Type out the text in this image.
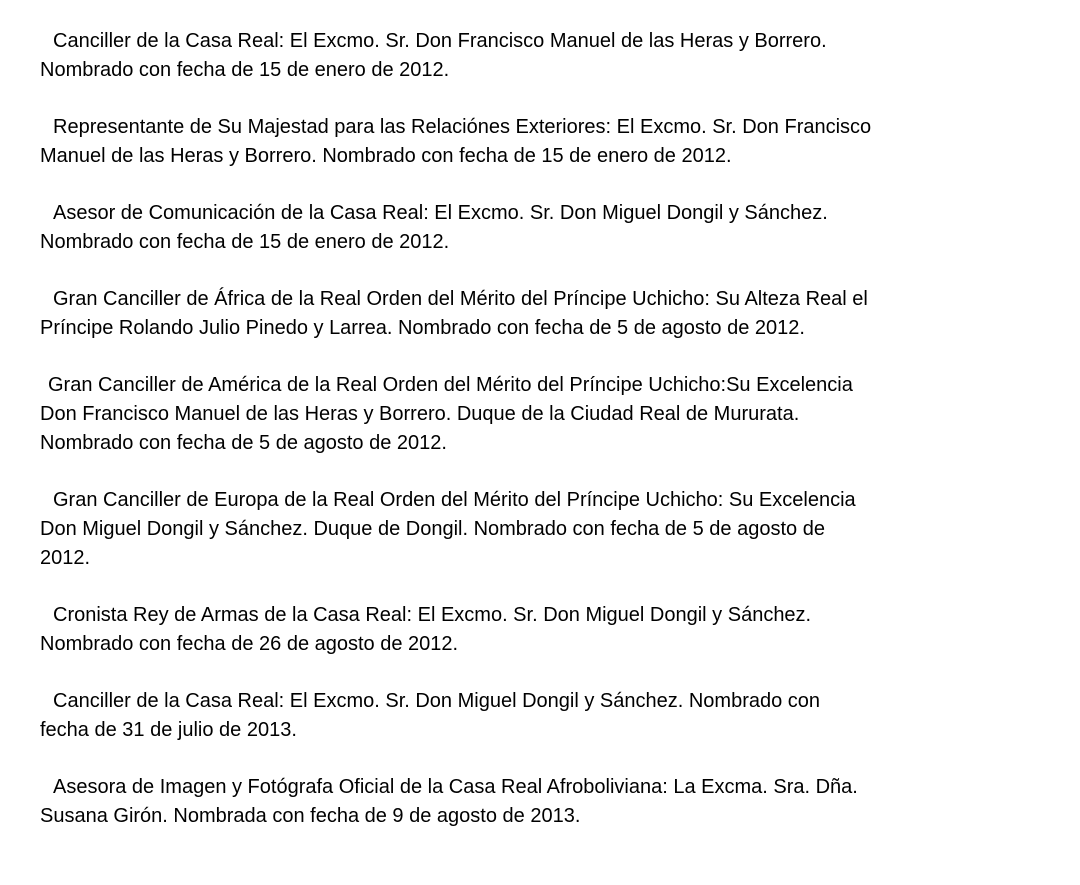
Canciller de la Casa Real: El Excmo. Sr. Don Francisco Manuel de las Heras y Borrero.
Nombrado con fecha de 15 de enero de 2012.

Representante de Su Majestad para las Relaciónes Exteriores: El Excmo. Sr. Don Francisco
Manuel de las Heras y Borrero. Nombrado con fecha de 15 de enero de 2012.

Asesor de Comunicación de la Casa Real: El Excmo. Sr. Don Miguel Dongil y Sánchez.
Nombrado con fecha de 15 de enero de 2012.

Gran Canciller de África de la Real Orden del Mérito del Príncipe Uchicho: Su Alteza Real el
Príncipe Rolando Julio Pinedo y Larrea. Nombrado con fecha de 5 de agosto de 2012.

Gran Canciller de América de la Real Orden del Mérito del Príncipe Uchicho:Su Excelencia
Don Francisco Manuel de las Heras y Borrero. Duque de la Ciudad Real de Mururata.
Nombrado con fecha de 5 de agosto de 2012.

Gran Canciller de Europa de la Real Orden del Mérito del Príncipe Uchicho: Su Excelencia
Don Miguel Dongil y Sánchez. Duque de Dongil. Nombrado con fecha de 5 de agosto de
2012.

Cronista Rey de Armas de la Casa Real: El Excmo. Sr. Don Miguel Dongil y Sánchez.
Nombrado con fecha de 26 de agosto de 2012.

Canciller de la Casa Real: El Excmo. Sr. Don Miguel Dongil y Sánchez. Nombrado con
fecha de 31 de julio de 2013.

Asesora de Imagen y Fotógrafa Oficial de la Casa Real Afroboliviana: La Excma. Sra. Dña.
Susana Girón. Nombrada con fecha de 9 de agosto de 2013.
